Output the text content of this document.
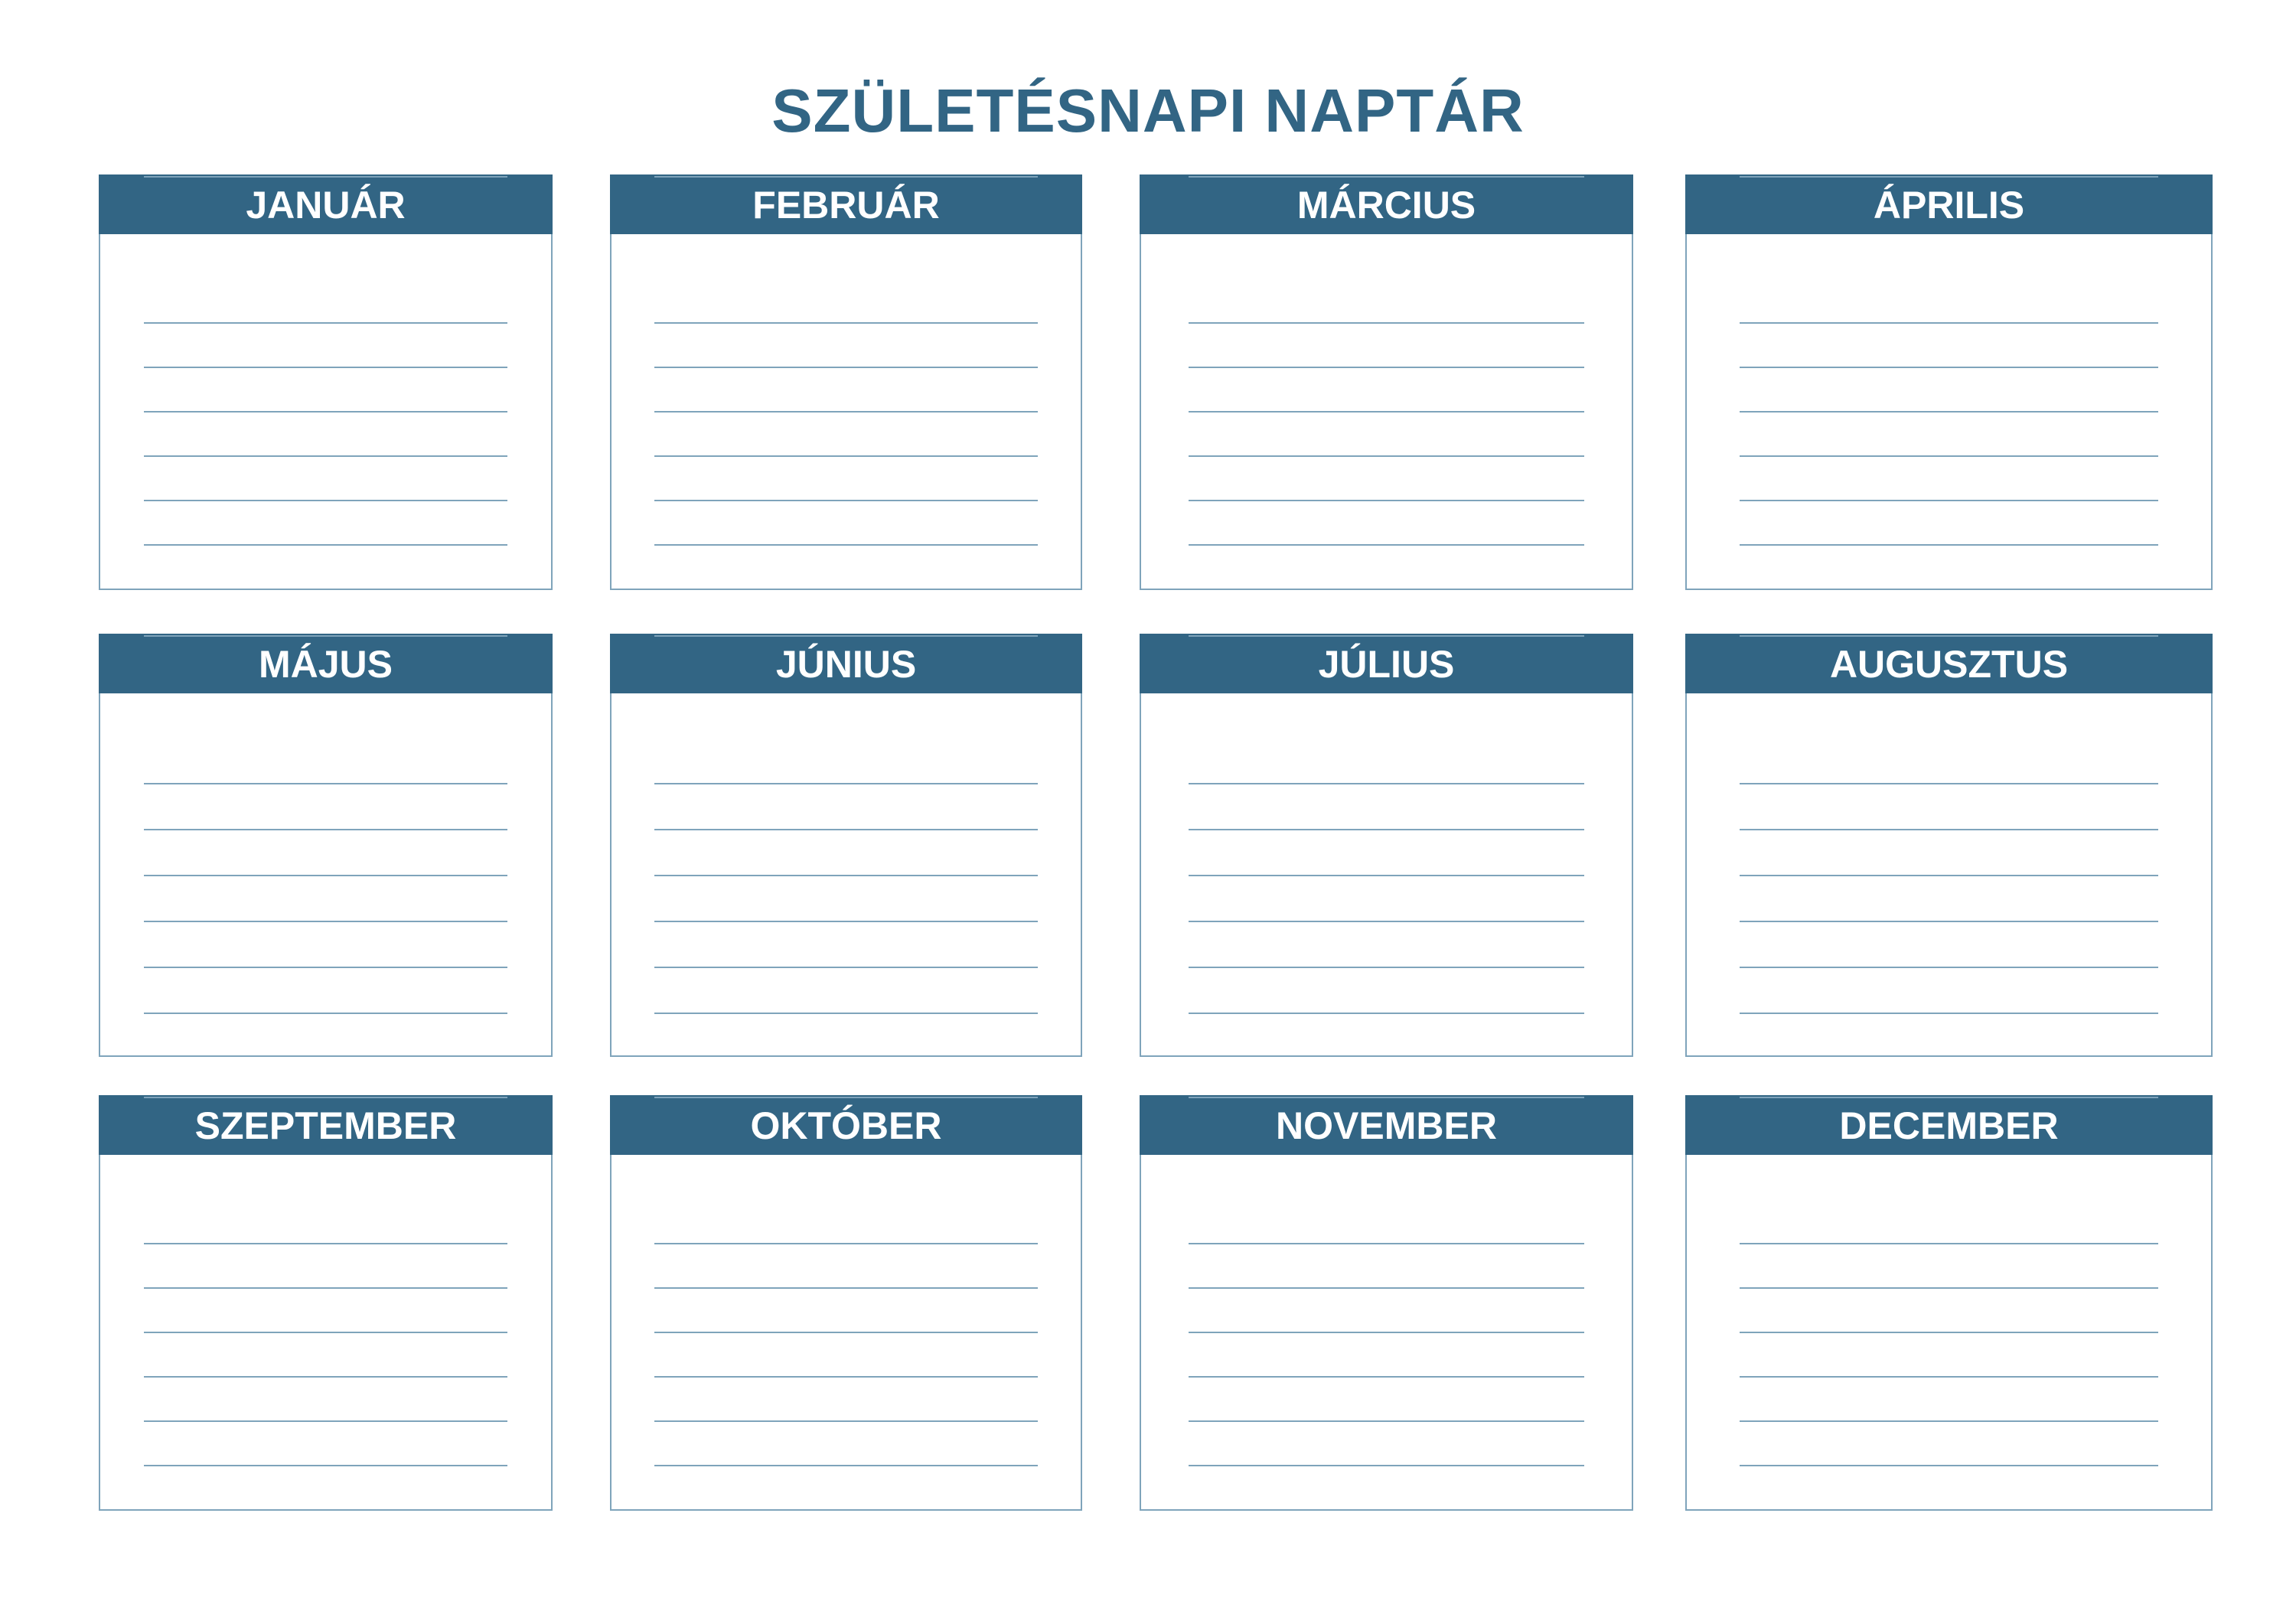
SZÜLETÉSNAPI NAPTÁR
JANUÁR	FEBRUÁR	MÁRCIUS	ÁPRILIS
MÁJUS	JÚNIUS	JÚLIUS	AUGUSZTUS
SZEPTEMBER	OKTÓBER	NOVEMBER	DECEMBER
